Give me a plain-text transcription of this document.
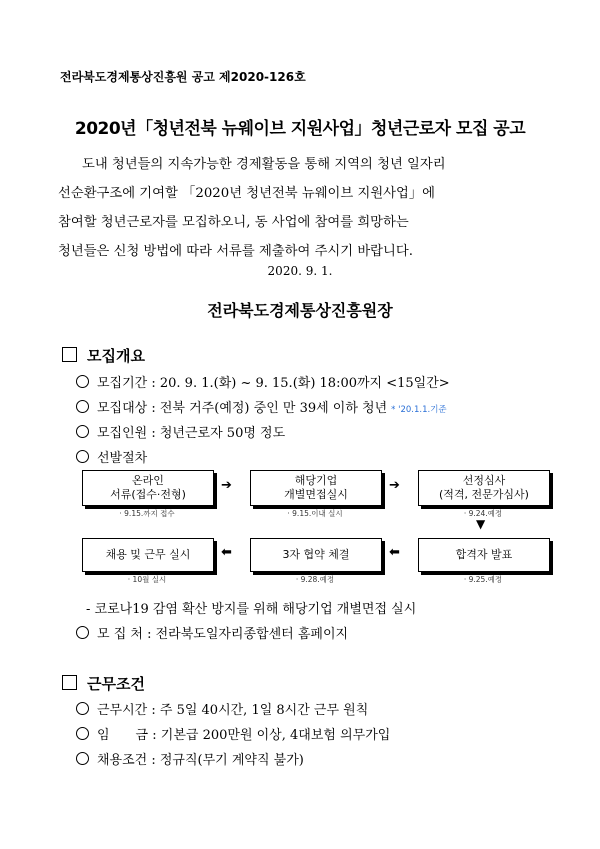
전라북도경제통상진흥원 공고 제2020-126호
2020년「청년전북 뉴웨이브 지원사업」청년근로자 모집 공고
도내 청년들의 지속가능한 경제활동을 통해 지역의 청년 일자리
선순환구조에 기여할 「2020년 청년전북 뉴웨이브 지원사업」에
참여할 청년근로자를 모집하오니, 동 사업에 참여를 희망하는
청년들은 신청 방법에 따라 서류를 제출하여 주시기 바랍니다.
2020. 9. 1.
전라북도경제통상진흥원장
모집개요
모집기간 : 20. 9. 1.(화) ~ 9. 15.(화) 18:00까지 <15일간>
모집대상 : 전북 거주(예정) 중인 만 39세 이하 청년 * '20.1.1.기준
모집인원 : 청년근로자 50명 정도
선발절차
온라인
서류(접수·전형)
· 9.15.까지 접수
➔	해당기업
개별면접실시
· 9.15.이내 실시
➔	선정심사
(적격, 전문가심사)
· 9.24.예정
▼
채용 및 근무 실시
· 10월 실시
⬅	3자 협약 체결
· 9.28.예정
⬅	합격자 발표
· 9.25.예정
- 코로나19 감염 확산 방지를 위해 해당기업 개별면접 실시
모 집 처 : 전라북도일자리종합센터 홈페이지
근무조건
근무시간 : 주 5일 40시간, 1일 8시간 근무 원칙
임　　금 : 기본급 200만원 이상, 4대보험 의무가입
채용조건 : 정규직(무기 계약직 불가)
